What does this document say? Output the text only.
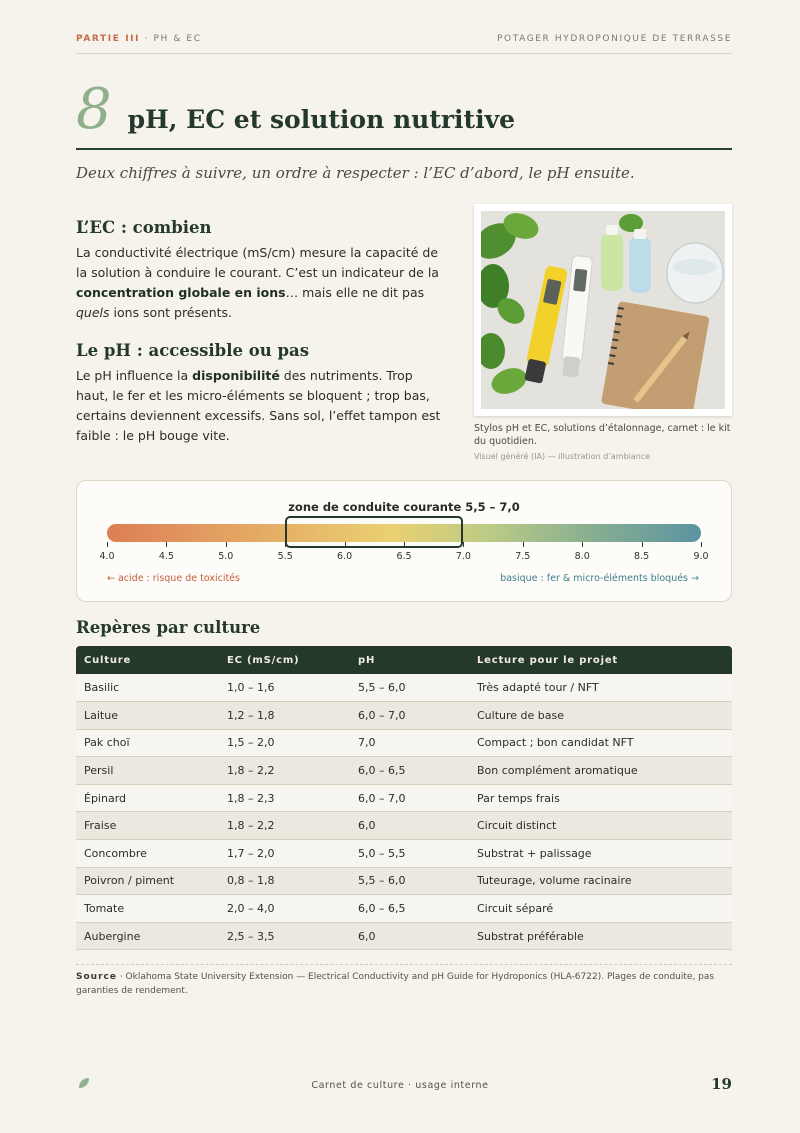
PARTIE III · PH & EC	POTAGER HYDROPONIQUE DE TERRASSE
8 pH, EC et solution nutritive
Deux chiffres à suivre, un ordre à respecter : l’EC d’abord, le pH ensuite.
L’EC : combien

La conductivité électrique (mS/cm) mesure la capacité de la solution à conduire le courant. C’est un indicateur de la concentration globale en ions… mais elle ne dit pas quels ions sont présents.

Le pH : accessible ou pas

Le pH influence la disponibilité des nutriments. Trop haut, le fer et les micro-éléments se bloquent ; trop bas, certains deviennent excessifs. Sans sol, l’effet tampon est faible : le pH bouge vite.	Stylos pH et EC, solutions d’étalonnage, carnet : le kit du quotidien.
Visuel généré (IA) — illustration d’ambiance
zone de conduite courante 5,5 – 7,0
4.0	4.5	5.0	5.5	6.0	6.5	7.0	7.5	8.0	8.5	9.0
← acide : risque de toxicités	basique : fer & micro-éléments bloqués →
Repères par culture
Culture	EC (mS/cm)	pH	Lecture pour le projet
Basilic	1,0 – 1,6	5,5 – 6,0	Très adapté tour / NFT
Laitue	1,2 – 1,8	6,0 – 7,0	Culture de base
Pak choï	1,5 – 2,0	7,0	Compact ; bon candidat NFT
Persil	1,8 – 2,2	6,0 – 6,5	Bon complément aromatique
Épinard	1,8 – 2,3	6,0 – 7,0	Par temps frais
Fraise	1,8 – 2,2	6,0	Circuit distinct
Concombre	1,7 – 2,0	5,0 – 5,5	Substrat + palissage
Poivron / piment	0,8 – 1,8	5,5 – 6,0	Tuteurage, volume racinaire
Tomate	2,0 – 4,0	6,0 – 6,5	Circuit séparé
Aubergine	2,5 – 3,5	6,0	Substrat préférable
Source · Oklahoma State University Extension — Electrical Conductivity and pH Guide for Hydroponics (HLA-6722). Plages de conduite, pas garanties de rendement.
Carnet de culture · usage interne	19
